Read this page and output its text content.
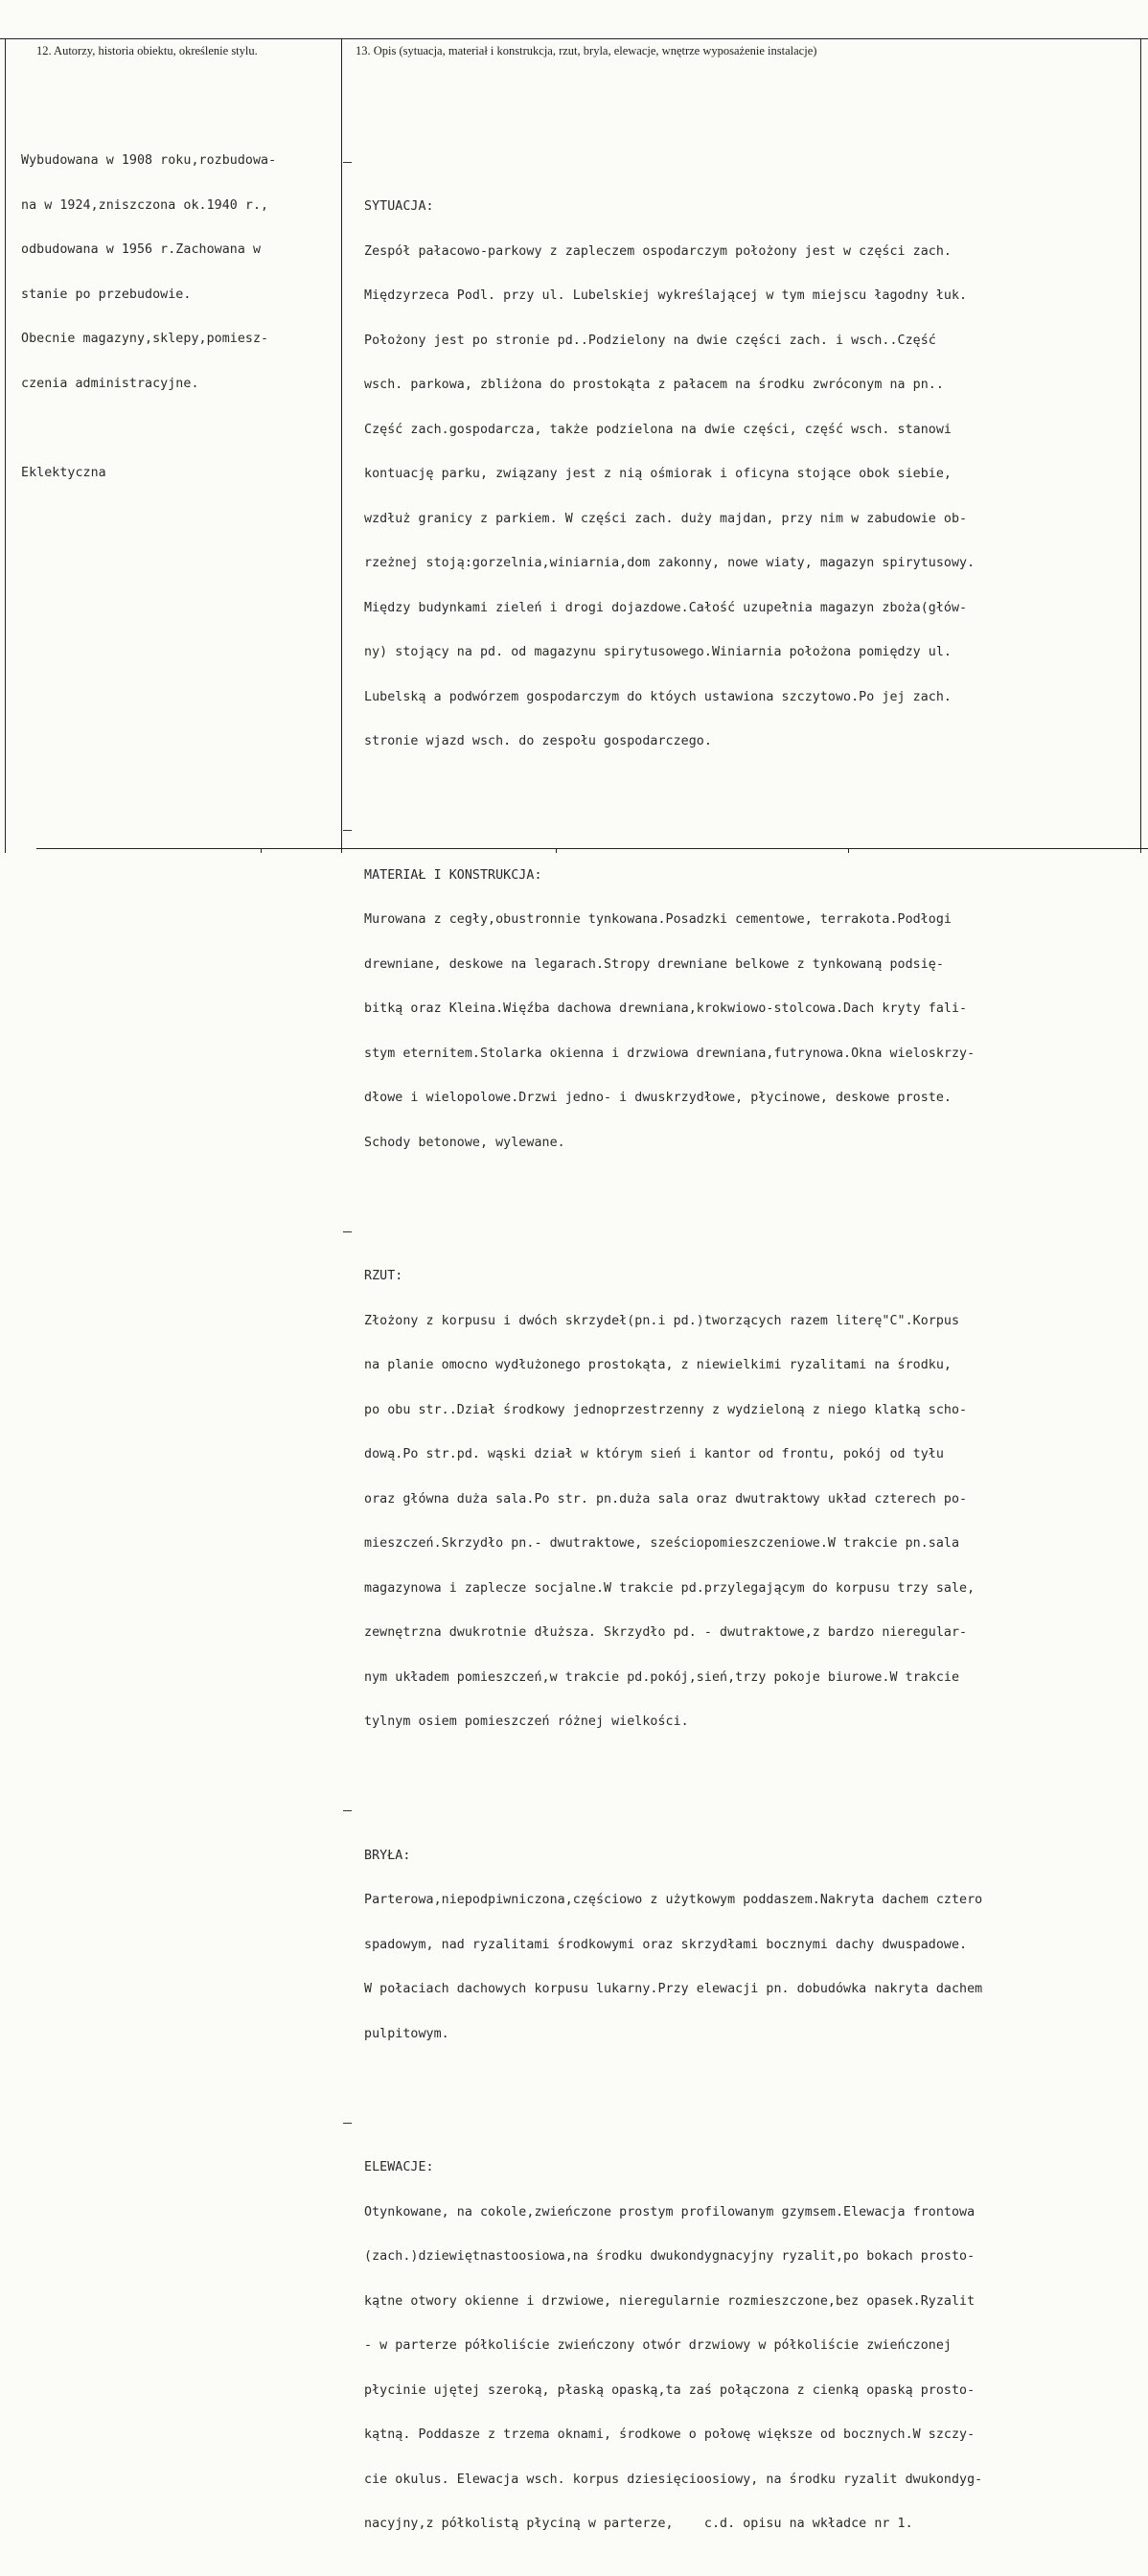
12. Autorzy, historia obiektu, określenie stylu.	13. Opis (sytuacja, materiał i konstrukcja, rzut, bryla, elewacje, wnętrze wyposażenie instalacje)

Wybudowana w 1908 roku,rozbudowa-

na w 1924,zniszczona ok.1940 r.,

odbudowana w 1956 r.Zachowana w

stanie po przebudowie.

Obecnie magazyny,sklepy,pomiesz-

czenia administracyjne.

Eklektyczna

SYTUACJA:

Zespół pałacowo-parkowy z zapleczem ospodarczym położony jest w części zach.

Międzyrzeca Podl. przy ul. Lubelskiej wykreślającej w tym miejscu łagodny łuk.

Położony jest po stronie pd..Podzielony na dwie części zach. i wsch..Część

wsch. parkowa, zbliżona do prostokąta z pałacem na środku zwróconym na pn..

Część zach.gospodarcza, także podzielona na dwie części, część wsch. stanowi

kontuację parku, związany jest z nią ośmiorak i oficyna stojące obok siebie,

wzdłuż granicy z parkiem. W części zach. duży majdan, przy nim w zabudowie ob-

rzeżnej stoją:gorzelnia,winiarnia,dom zakonny, nowe wiaty, magazyn spirytusowy.

Między budynkami zieleń i drogi dojazdowe.Całość uzupełnia magazyn zboża(głów-

ny) stojący na pd. od magazynu spirytusowego.Winiarnia położona pomiędzy ul.

Lubelską a podwórzem gospodarczym do któych ustawiona szczytowo.Po jej zach.

stronie wjazd wsch. do zespołu gospodarczego.

MATERIAŁ I KONSTRUKCJA:

Murowana z cegły,obustronnie tynkowana.Posadzki cementowe, terrakota.Podłogi

drewniane, deskowe na legarach.Stropy drewniane belkowe z tynkowaną podsię-

bitką oraz Kleina.Więźba dachowa drewniana,krokwiowo-stolcowa.Dach kryty fali-

stym eternitem.Stolarka okienna i drzwiowa drewniana,futrynowa.Okna wieloskrzy-

dłowe i wielopolowe.Drzwi jedno- i dwuskrzydłowe, płycinowe, deskowe proste.

Schody betonowe, wylewane.

RZUT:

Złożony z korpusu i dwóch skrzydeł(pn.i pd.)tworzących razem literę"C".Korpus

na planie omocno wydłużonego prostokąta, z niewielkimi ryzalitami na środku,

po obu str..Dział środkowy jednoprzestrzenny z wydzieloną z niego klatką scho-

dową.Po str.pd. wąski dział w którym sień i kantor od frontu, pokój od tyłu

oraz główna duża sala.Po str. pn.duża sala oraz dwutraktowy układ czterech po-

mieszczeń.Skrzydło pn.- dwutraktowe, sześciopomieszczeniowe.W trakcie pn.sala

magazynowa i zaplecze socjalne.W trakcie pd.przylegającym do korpusu trzy sale,

zewnętrzna dwukrotnie dłuższa. Skrzydło pd. - dwutraktowe,z bardzo nieregular-

nym układem pomieszczeń,w trakcie pd.pokój,sień,trzy pokoje biurowe.W trakcie

tylnym osiem pomieszczeń różnej wielkości.

BRYŁA:

Parterowa,niepodpiwniczona,częściowo z użytkowym poddaszem.Nakryta dachem cztero

spadowym, nad ryzalitami środkowymi oraz skrzydłami bocznymi dachy dwuspadowe.

W połaciach dachowych korpusu lukarny.Przy elewacji pn. dobudówka nakryta dachem

pulpitowym.

ELEWACJE:

Otynkowane, na cokole,zwieńczone prostym profilowanym gzymsem.Elewacja frontowa

(zach.)dziewiętnastoosiowa,na środku dwukondygnacyjny ryzalit,po bokach prosto-

kątne otwory okienne i drzwiowe, nieregularnie rozmieszczone,bez opasek.Ryzalit

- w parterze półkoliście zwieńczony otwór drzwiowy w półkoliście zwieńczonej

płycinie ujętej szeroką, płaską opaską,ta zaś połączona z cienką opaską prosto-

kątną. Poddasze z trzema oknami, środkowe o połowę większe od bocznych.W szczy-

cie okulus. Elewacja wsch. korpus dziesięcioosiowy, na środku ryzalit dwukondyg-

nacyjny,z półkolistą płyciną w parterze,    c.d. opisu na wkładce nr 1.
